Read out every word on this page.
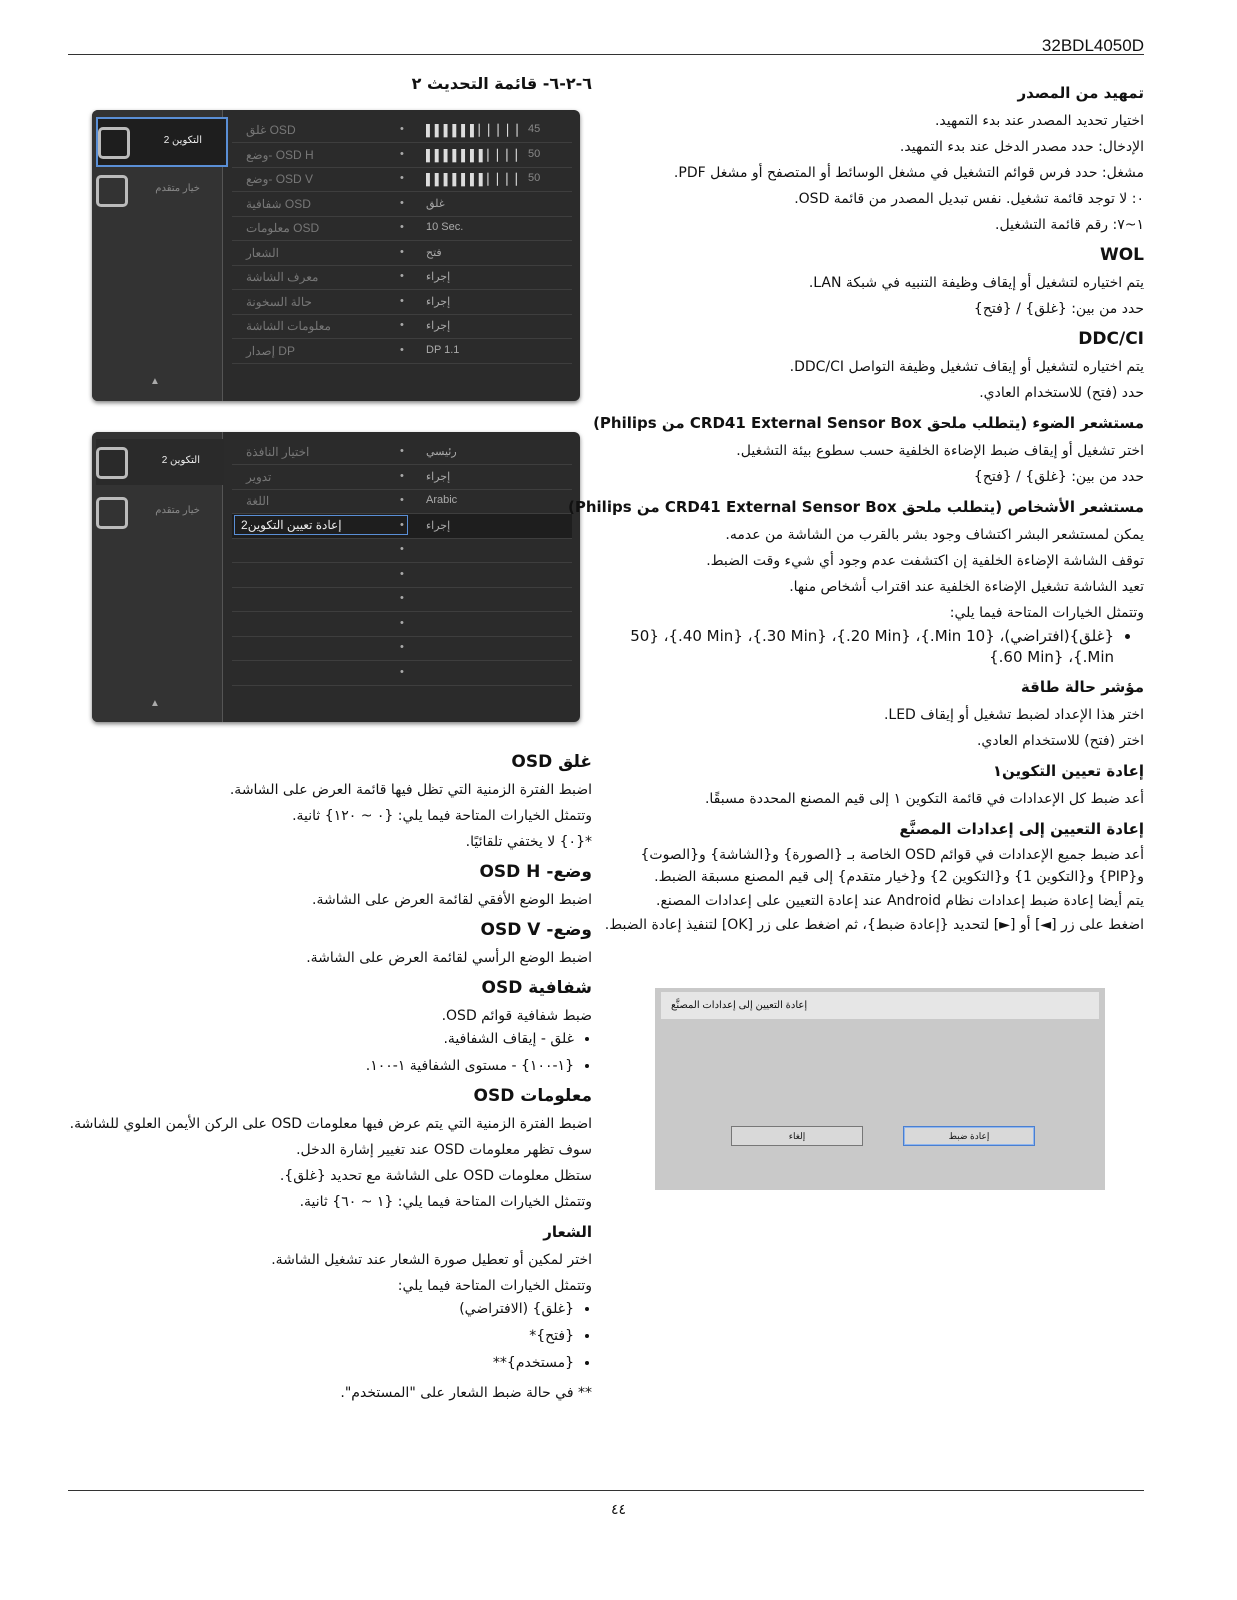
32BDL4050D
٦-٢-٦- قائمة التحديث ٢
التكوين 2
خيار متقدم
▲
غلق OSD	• ▌▌▌▌▌▌▏▏▏▏▏ 45
وضع- OSD H	• ▌▌▌▌▌▌▌▏▏▏▏ 50
وضع- OSD V	• ▌▌▌▌▌▌▌▏▏▏▏ 50
شفافية OSD	• غلق
معلومات OSD	• 10 Sec.
الشعار	• فتح
معرف الشاشة	• إجراء
حالة السخونة	• إجراء
معلومات الشاشة	• إجراء
إصدار DP	• DP 1.1
التكوين 2
خيار متقدم
▲
اختيار النافذة	• رئيسي
تدوير	• إجراء
اللغة	• Arabic
إعادة تعيين التكوين2	• إجراء
•
•
•
•
•
•
غلق OSD

اضبط الفترة الزمنية التي تظل فيها قائمة العرض على الشاشة.

وتتمثل الخيارات المتاحة فيما يلي: {٠ ~ ١٢٠} ثانية.

*{٠} لا يختفي تلقائيًا.

وضع- OSD H

اضبط الوضع الأفقي لقائمة العرض على الشاشة.

وضع- OSD V

اضبط الوضع الرأسي لقائمة العرض على الشاشة.

شفافية OSD

ضبط شفافية قوائم OSD.

• غلق - إيقاف الشفافية.
• {١-١٠٠} - مستوى الشفافية ١-١٠٠.
معلومات OSD

اضبط الفترة الزمنية التي يتم عرض فيها معلومات OSD على الركن الأيمن العلوي للشاشة.

سوف تظهر معلومات OSD عند تغيير إشارة الدخل.

ستظل معلومات OSD على الشاشة مع تحديد {غلق}.

وتتمثل الخيارات المتاحة فيما يلي: {١ ~ ٦٠} ثانية.

الشعار

اختر لمكين أو تعطيل صورة الشعار عند تشغيل الشاشة.

وتتمثل الخيارات المتاحة فيما يلي:

• {غلق} (الافتراضي)
• {فتح}*
• {مستخدم}**

** في حالة ضبط الشعار على "المستخدم".

تمهيد من المصدر

اختيار تحديد المصدر عند بدء التمهيد.

الإدخال: حدد مصدر الدخل عند بدء التمهيد.

مشغل: حدد فرس قوائم التشغيل في مشغل الوسائط أو المتصفح أو مشغل PDF.

٠: لا توجد قائمة تشغيل. نفس تبديل المصدر من قائمة OSD.

١~٧: رقم قائمة التشغيل.

WOL

يتم اختياره لتشغيل أو إيقاف وظيفة التنبيه في شبكة LAN.

حدد من بين: {غلق} / {فتح}

DDC/CI

يتم اختياره لتشغيل أو إيقاف تشغيل وظيفة التواصل DDC/CI.

حدد (فتح) للاستخدام العادي.

مستشعر الضوء (يتطلب ملحق CRD41 External Sensor Box من Philips)

اختر تشغيل أو إيقاف ضبط الإضاءة الخلفية حسب سطوع بيئة التشغيل.

حدد من بين: {غلق} / {فتح}

مستشعر الأشخاص (يتطلب ملحق CRD41 External Sensor Box من Philips)

يمكن لمستشعر البشر اكتشاف وجود بشر بالقرب من الشاشة من عدمه.

توقف الشاشة الإضاءة الخلفية إن اكتشفت عدم وجود أي شيء وقت الضبط.

تعيد الشاشة تشغيل الإضاءة الخلفية عند اقتراب أشخاص منها.

وتتمثل الخيارات المتاحة فيما يلي:

• {غلق}(افتراضي)، {10 Min.}، {20 Min.}، {30 Min.}، {40 Min.}، {50 Min.}، {60 Min.}
مؤشر حالة طاقة

اختر هذا الإعداد لضبط تشغيل أو إيقاف LED.

اختر (فتح) للاستخدام العادي.

إعادة تعيين التكوين١

أعد ضبط كل الإعدادات في قائمة التكوين ١ إلى قيم المصنع المحددة مسبقًا.

إعادة التعيين إلى إعدادات المصنَّع

أعد ضبط جميع الإعدادات في قوائم OSD الخاصة بـ {الصورة} و{الشاشة} و{الصوت} و{PIP} و{التكوين 1} و{التكوين 2} و{خيار متقدم} إلى قيم المصنع مسبقة الضبط.

يتم أيضا إعادة ضبط إعدادات نظام Android عند إعادة التعيين على إعدادات المصنع.

اضغط على زر [◄] أو [►] لتحديد {إعادة ضبط}، ثم اضغط على زر [OK] لتنفيذ إعادة الضبط.

إعادة التعيين إلى إعدادات المصنَّع
إلغاء	إعادة ضبط
٤٤
